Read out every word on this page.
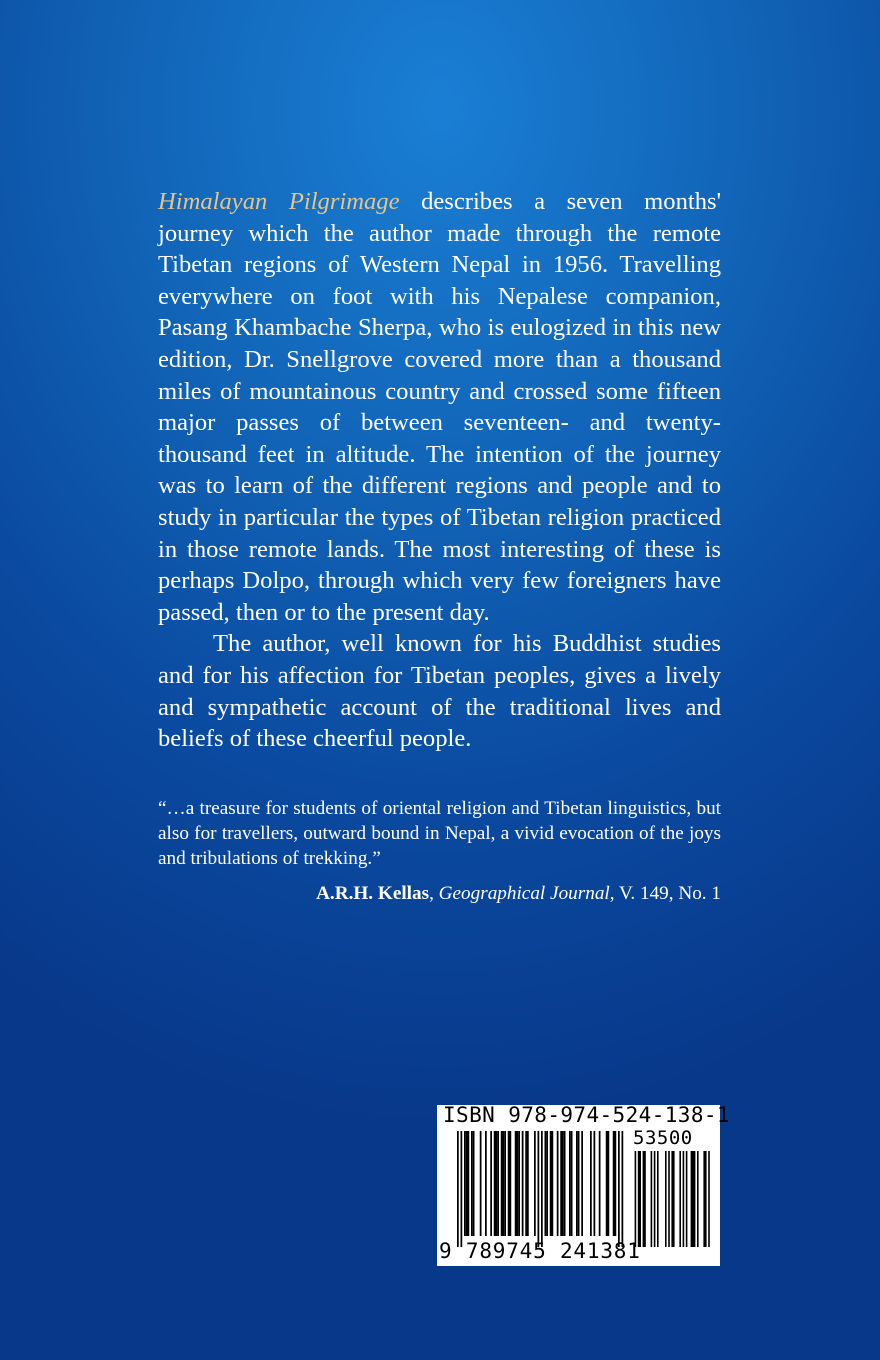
Himalayan Pilgrimage describes a seven months' journey which the author made through the remote Tibetan regions of Western Nepal in 1956. Travelling everywhere on foot with his Nepalese companion, Pasang Khambache Sherpa, who is eulogized in this new edition, Dr. Snellgrove covered more than a thousand miles of mountainous country and crossed some fifteen major passes of between seventeen- and twenty-thousand feet in altitude. The intention of the journey was to learn of the different regions and people and to study in particular the types of Tibetan religion practiced in those remote lands. The most interesting of these is perhaps Dolpo, through which very few foreigners have passed, then or to the present day.

The author, well known for his Buddhist studies and for his affection for Tibetan peoples, gives a lively and sympathetic account of the traditional lives and beliefs of these cheerful people.

“…a treasure for students of oriental religion and Tibetan linguistics, but also for travellers, outward bound in Nepal, a vivid evocation of the joys and tribulations of trekking.”

A.R.H. Kellas, Geographical Journal, V. 149, No. 1

ISBN 978-974-524-138-1
53500
9 789745 241381
